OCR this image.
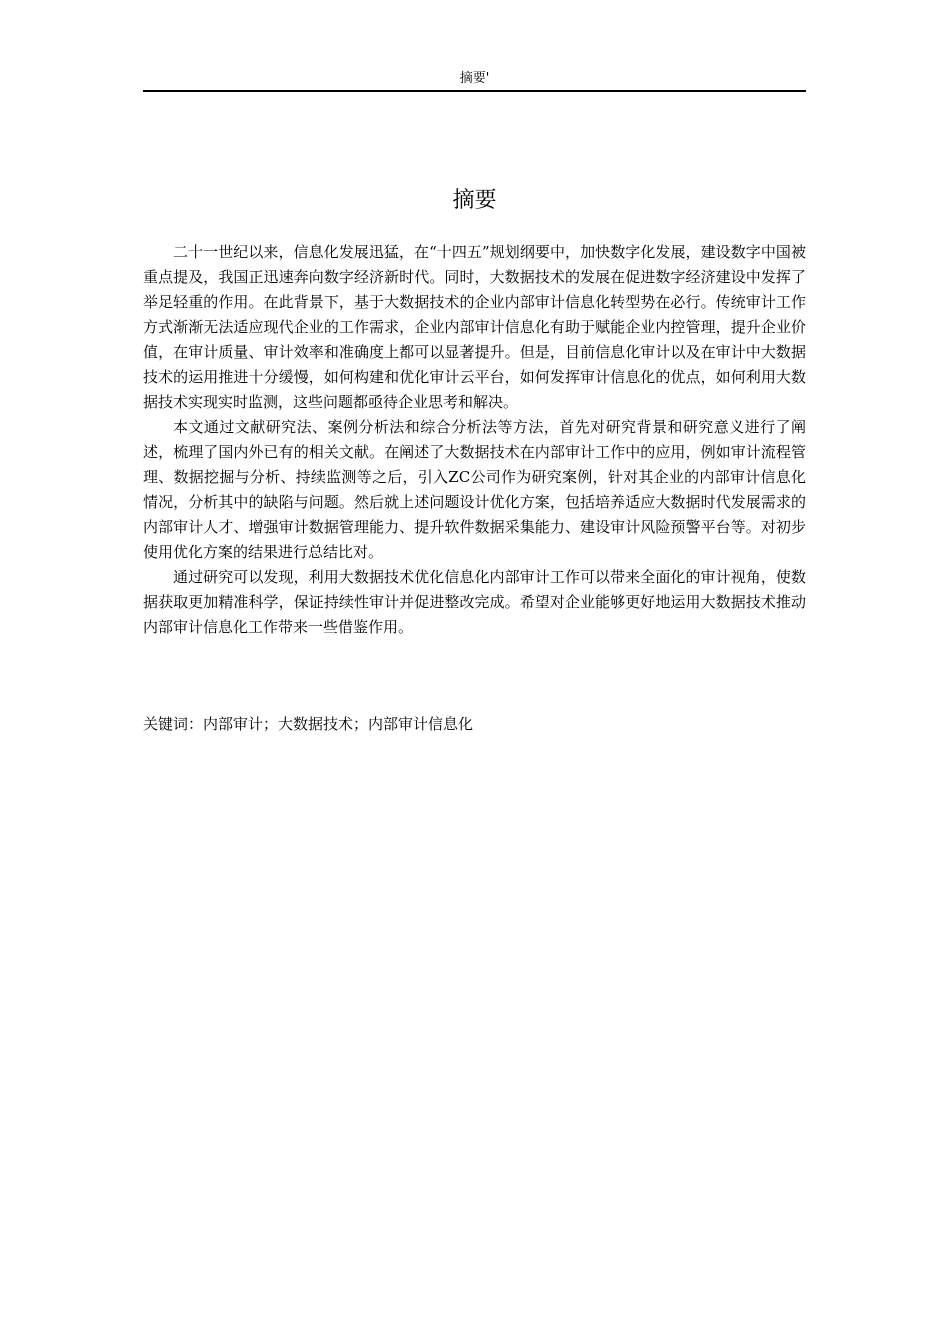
摘要'
摘要

二十一世纪以来，信息化发展迅猛，在“十四五”规划纲要中，加快数字化发展，建设数字中国被重点提及，我国正迅速奔向数字经济新时代。同时，大数据技术的发展在促进数字经济建设中发挥了举足轻重的作用。在此背景下，基于大数据技术的企业内部审计信息化转型势在必行。传统审计工作方式渐渐无法适应现代企业的工作需求，企业内部审计信息化有助于赋能企业内控管理，提升企业价值，在审计质量、审计效率和准确度上都可以显著提升。但是，目前信息化审计以及在审计中大数据技术的运用推进十分缓慢，如何构建和优化审计云平台，如何发挥审计信息化的优点，如何利用大数据技术实现实时监测，这些问题都亟待企业思考和解决。

本文通过文献研究法、案例分析法和综合分析法等方法，首先对研究背景和研究意义进行了阐述，梳理了国内外已有的相关文献。在阐述了大数据技术在内部审计工作中的应用，例如审计流程管理、数据挖掘与分析、持续监测等之后，引入ZC公司作为研究案例，针对其企业的内部审计信息化情况，分析其中的缺陷与问题。然后就上述问题设计优化方案，包括培养适应大数据时代发展需求的内部审计人才、增强审计数据管理能力、提升软件数据采集能力、建设审计风险预警平台等。对初步使用优化方案的结果进行总结比对。

通过研究可以发现，利用大数据技术优化信息化内部审计工作可以带来全面化的审计视角，使数据获取更加精准科学，保证持续性审计并促进整改完成。希望对企业能够更好地运用大数据技术推动内部审计信息化工作带来一些借鉴作用。

关键词：内部审计；大数据技术；内部审计信息化
